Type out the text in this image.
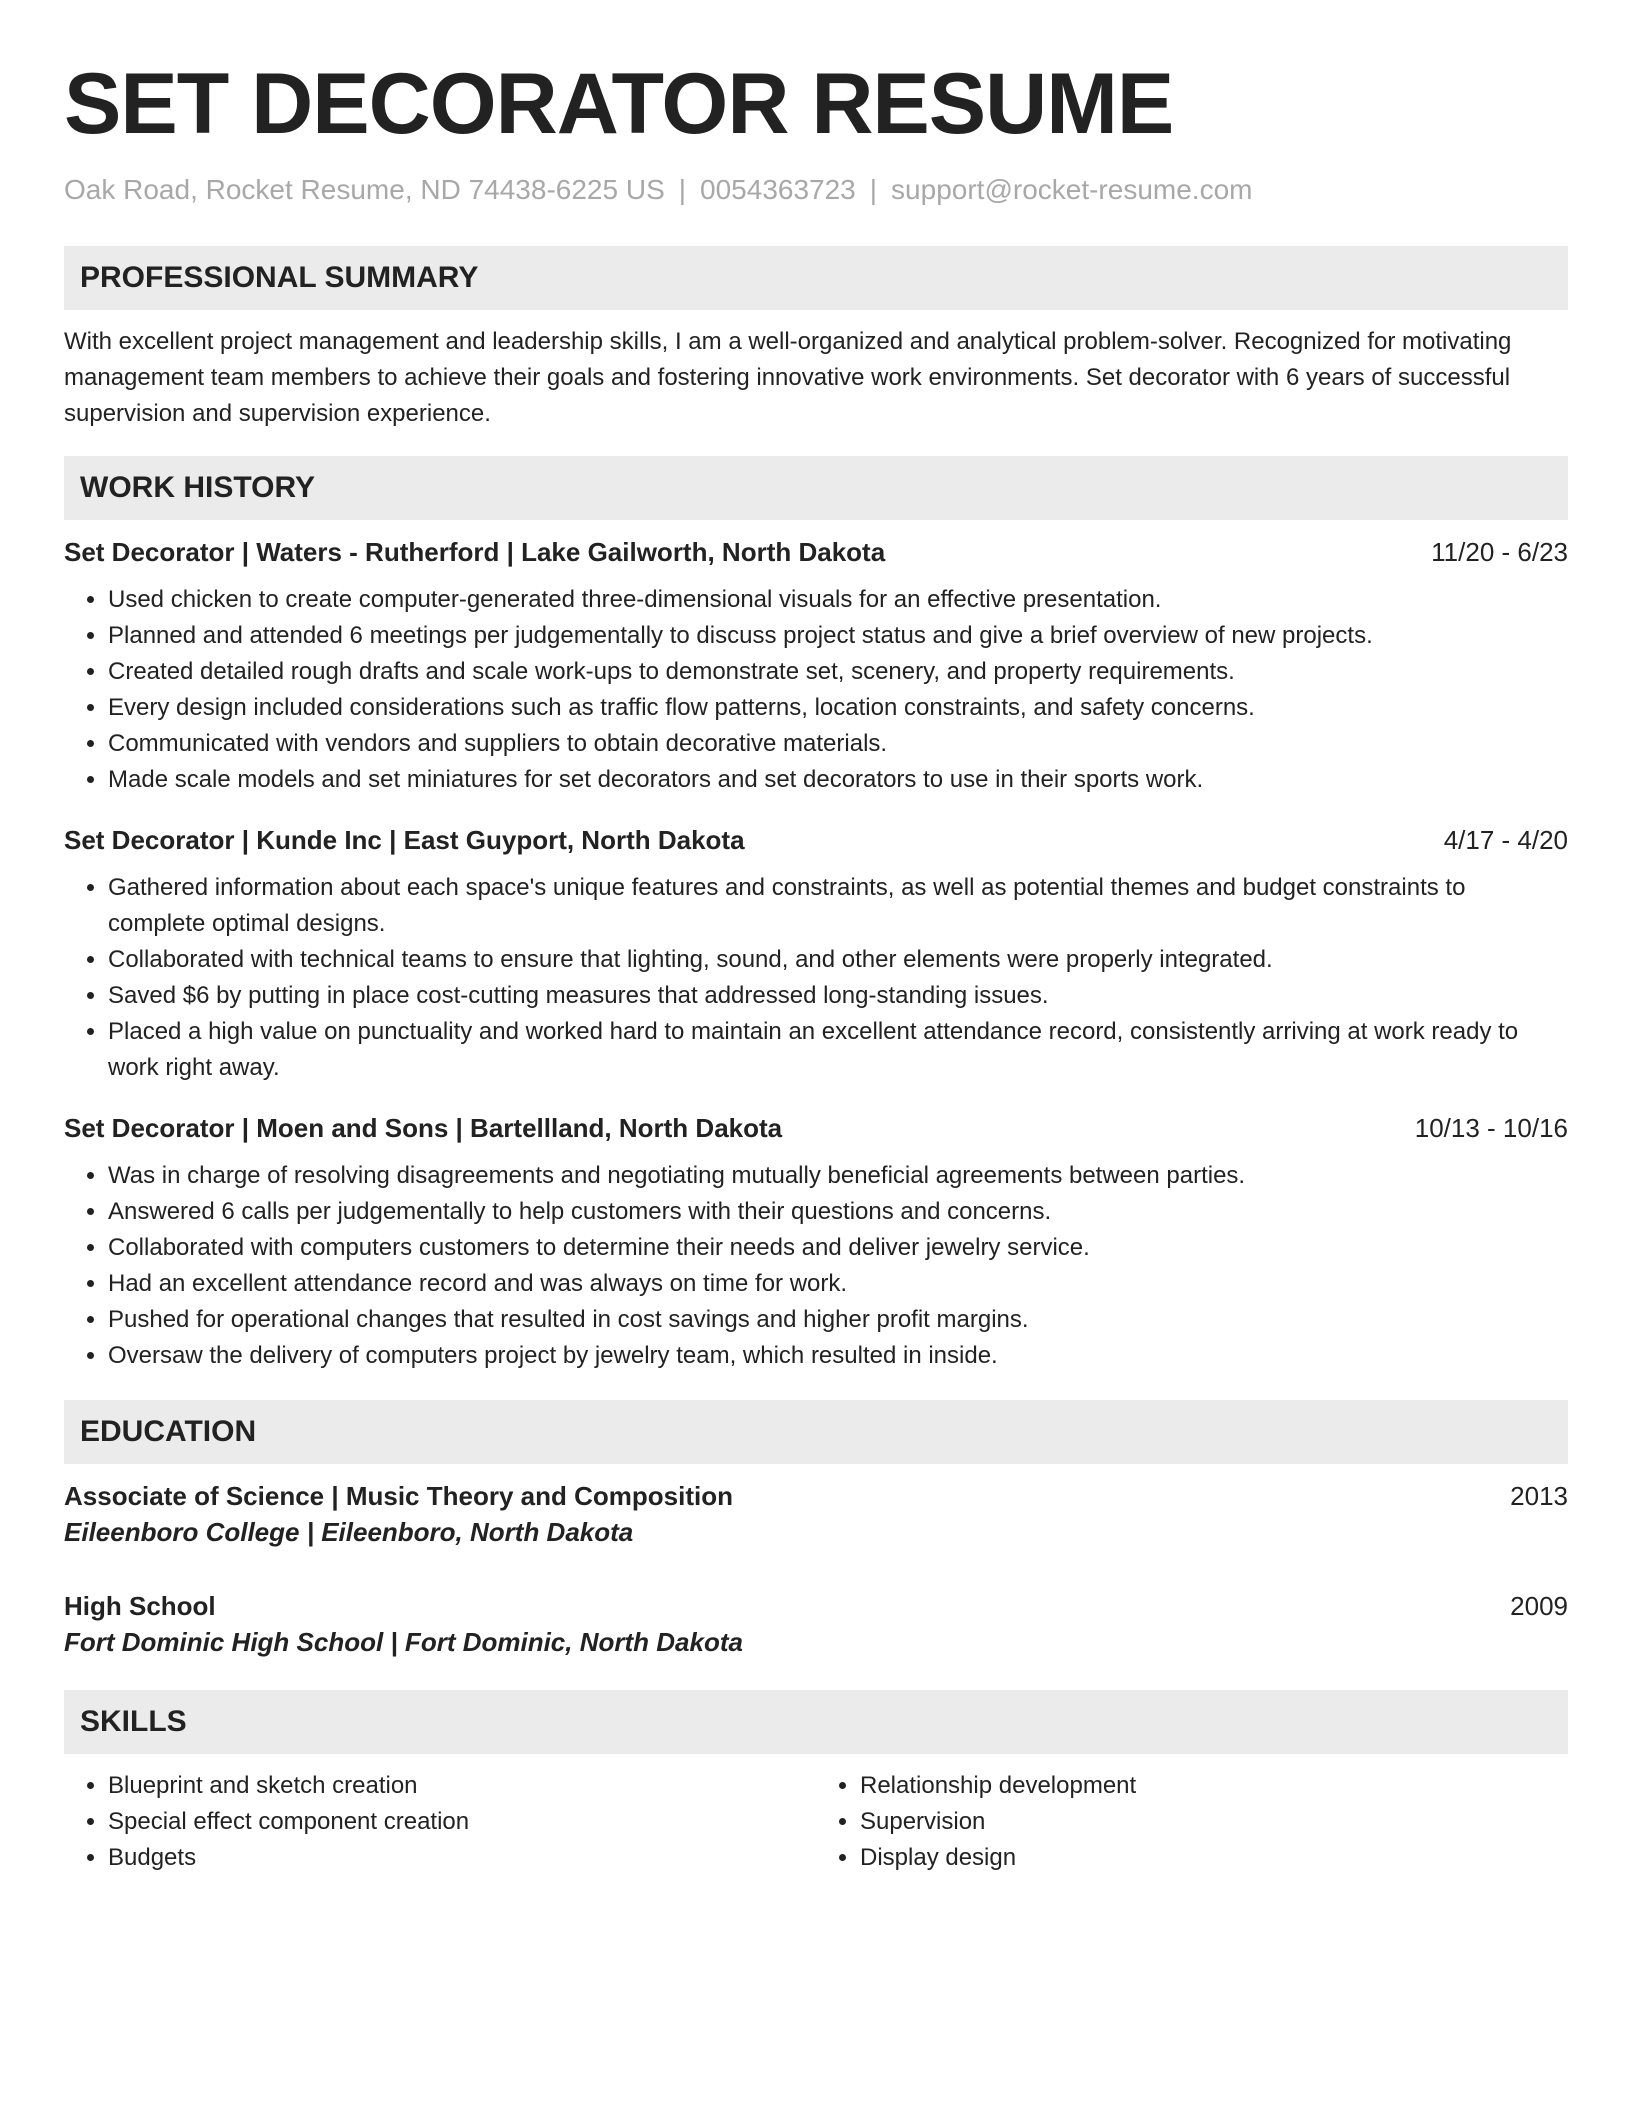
SET DECORATOR RESUME
Oak Road, Rocket Resume, ND 74438-6225 US | 0054363723 | support@rocket-resume.com
PROFESSIONAL SUMMARY

With excellent project management and leadership skills, I am a well-organized and analytical problem-solver. Recognized for motivating management team members to achieve their goals and fostering innovative work environments. Set decorator with 6 years of successful supervision and supervision experience.

WORK HISTORY
Set Decorator | Waters - Rutherford | Lake Gailworth, North Dakota	11/20 - 6/23
• Used chicken to create computer-generated three-dimensional visuals for an effective presentation.
• Planned and attended 6 meetings per judgementally to discuss project status and give a brief overview of new projects.
• Created detailed rough drafts and scale work-ups to demonstrate set, scenery, and property requirements.
• Every design included considerations such as traffic flow patterns, location constraints, and safety concerns.
• Communicated with vendors and suppliers to obtain decorative materials.
• Made scale models and set miniatures for set decorators and set decorators to use in their sports work.
Set Decorator | Kunde Inc | East Guyport, North Dakota	4/17 - 4/20
• Gathered information about each space's unique features and constraints, as well as potential themes and budget constraints to complete optimal designs.
• Collaborated with technical teams to ensure that lighting, sound, and other elements were properly integrated.
• Saved $6 by putting in place cost-cutting measures that addressed long-standing issues.
• Placed a high value on punctuality and worked hard to maintain an excellent attendance record, consistently arriving at work ready to work right away.
Set Decorator | Moen and Sons | Bartellland, North Dakota	10/13 - 10/16
• Was in charge of resolving disagreements and negotiating mutually beneficial agreements between parties.
• Answered 6 calls per judgementally to help customers with their questions and concerns.
• Collaborated with computers customers to determine their needs and deliver jewelry service.
• Had an excellent attendance record and was always on time for work.
• Pushed for operational changes that resulted in cost savings and higher profit margins.
• Oversaw the delivery of computers project by jewelry team, which resulted in inside.
EDUCATION
Associate of Science | Music Theory and Composition	2013
Eileenboro College | Eileenboro, North Dakota
High School	2009
Fort Dominic High School | Fort Dominic, North Dakota
SKILLS
• Blueprint and sketch creation
• Special effect component creation
• Budgets
• Relationship development
• Supervision
• Display design
